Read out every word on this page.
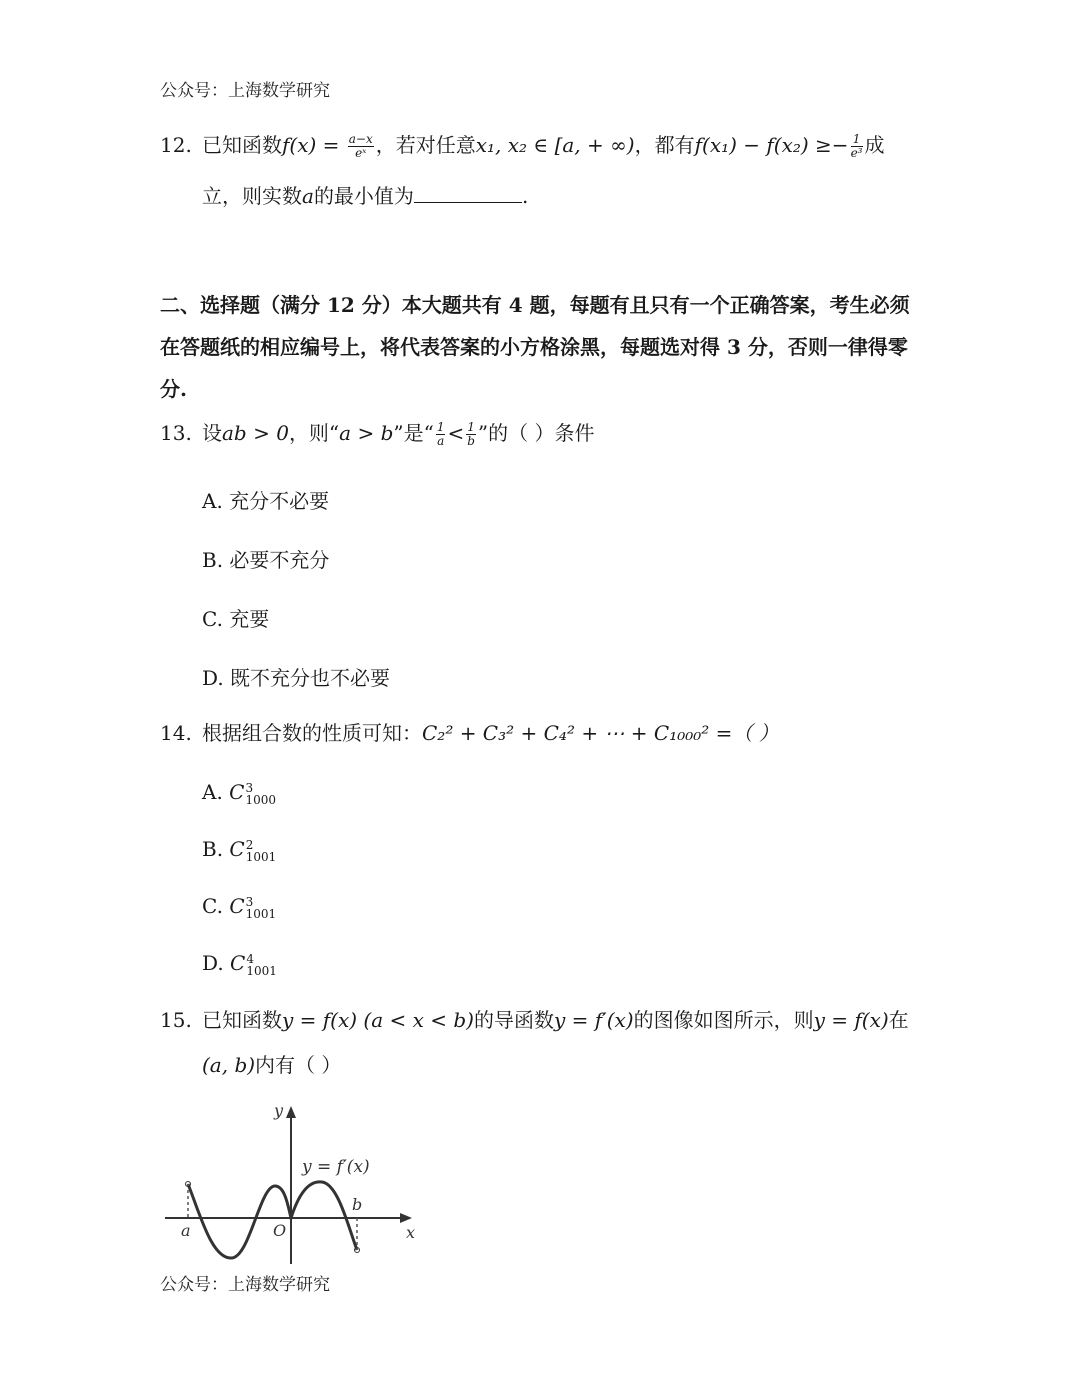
公众号：上海数学研究
12. 已知函数$f(x) = \frac{a-x}{\text{eˣ}}$ ，若对任意x₁, x₂ ∈ [a, + ∞)，都有$f(x_1) - f(x_2) \ge- \frac{1}{\text{e³}}$ 成
立，则实数a的最小值为	.
二、选择题（满分 12 分）本大题共有 4 题，每题有且只有一个正确答案，考生必须在答题纸的相应编号上，将代表答案的小方格涂黑，每题选对得 3 分，否则一律得零分.
13. 设ab > 0，则“a > b”是“ $\frac{1}{a} < \frac{1}{b}$ ”的（ ）条件
A. 充分不必要
B. 必要不充分
C. 充要
D. 既不充分也不必要
14. 根据组合数的性质可知：C₂² + C₃² + C₄² + ⋯ + C₁₀₀₀² =（ ）
A. C 3
1000
B. C 2
1001
C. C 3
1001
D. C 4
1001
15. 已知函数y = f(x) (a < x < b)的导函数y = f′(x)的图像如图所示，则y = f(x)在
(a, b)内有（ ）
y
x
y = f′(x)
O
a
b
公众号：上海数学研究
